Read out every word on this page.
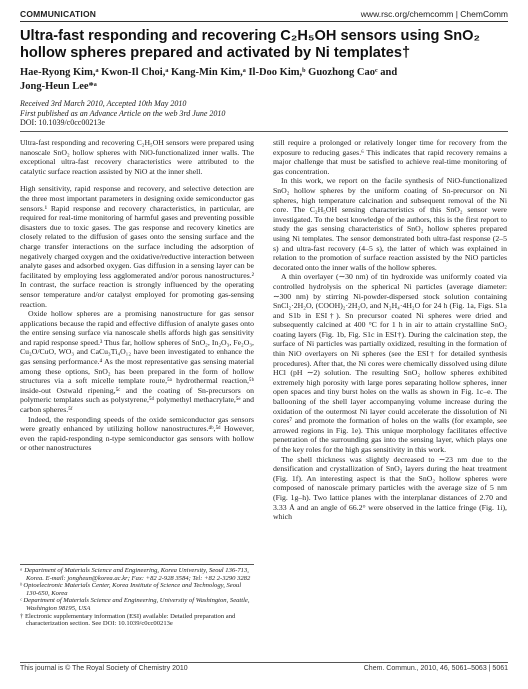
COMMUNICATION	www.rsc.org/chemcomm | ChemComm
Ultra-fast responding and recovering C₂H₅OH sensors using SnO₂ hollow spheres prepared and activated by Ni templates†
Hae-Ryong Kim,ᵃ Kwon-Il Choi,ᵃ Kang-Min Kim,ᵃ Il-Doo Kim,ᵇ Guozhong Caoᶜ and
Jong-Heun Lee*ᵃ
Received 3rd March 2010, Accepted 10th May 2010
First published as an Advance Article on the web 3rd June 2010
DOI: 10.1039/c0cc00213e

Ultra-fast responding and recovering C₂H₅OH sensors were prepared using nanoscale SnO₂ hollow spheres with NiO-functionalized inner walls. The exceptional ultra-fast recovery characteristics were attributed to the catalytic surface reaction assisted by NiO at the inner shell.

High sensitivity, rapid response and recovery, and selective detection are the three most important parameters in designing oxide semiconductor gas sensors.¹ Rapid response and recovery characteristics, in particular, are required for real-time monitoring of harmful gases and preventing possible disasters due to toxic gases. The gas response and recovery kinetics are closely related to the diffusion of gases onto the sensing surface and the charge transfer interactions on the surface including the adsorption of negatively charged oxygen and the oxidative/reductive interaction between analyte gases and adsorbed oxygen. Gas diffusion in a sensing layer can be facilitated by employing less agglomerated and/or porous nanostructures.² In contrast, the surface reaction is strongly influenced by the operating sensor temperature and/or catalyst employed for promoting gas-sensing reaction.

Oxide hollow spheres are a promising nanostructure for gas sensor applications because the rapid and effective diffusion of analyte gases onto the entire sensing surface via nanoscale shells affords high gas sensitivity and rapid response speed.³ Thus far, hollow spheres of SnO₂, In₂O₃, Fe₂O₃, Cu₂O/CuO, WO₃ and CaCu₃Ti₄O₁₂ have been investigated to enhance the gas sensing performance.⁴ As the most representative gas sensing material among these options, SnO₂ has been prepared in the form of hollow structures via a soft micelle template route,⁵ᵃ hydrothermal reaction,⁵ᵇ inside-out Ostwald ripening,⁵ᶜ and the coating of Sn-precursors on polymeric templates such as polystyrene,⁵ᵈ polymethyl methacrylate,⁵ᵉ and carbon spheres.⁵ᶠ

Indeed, the responding speeds of the oxide semiconductor gas sensors were greatly enhanced by utilizing hollow nanostructures.⁴ᵇ,⁵ᵈ However, even the rapid-responding n-type semiconductor gas sensors with hollow or other nanostructures

still require a prolonged or relatively longer time for recovery from the exposure to reducing gases.⁶ This indicates that rapid recovery remains a major challenge that must be satisfied to achieve real-time monitoring of gas concentration.

In this work, we report on the facile synthesis of NiO-functionalized SnO₂ hollow spheres by the uniform coating of Sn-precursor on Ni spheres, high temperature calcination and subsequent removal of the Ni core. The C₂H₅OH sensing characteristics of this SnO₂ sensor were investigated. To the best knowledge of the authors, this is the first report to study the gas sensing characteristics of SnO₂ hollow spheres prepared using Ni templates. The sensor demonstrated both ultra-fast response (2–5 s) and ultra-fast recovery (4–5 s), the latter of which was explained in relation to the promotion of surface reaction assisted by the NiO particles decorated onto the inner walls of the hollow spheres.

A thin overlayer (∼30 nm) of tin hydroxide was uniformly coated via controlled hydrolysis on the spherical Ni particles (average diameter: ∼300 nm) by stirring Ni-powder-dispersed stock solution containing SnCl₂·2H₂O, (COOH)₂·2H₂O, and N₂H₄·4H₂O for 24 h (Fig. 1a, Figs. S1a and S1b in ESI†). Sn precursor coated Ni spheres were dried and subsequently calcined at 400 °C for 1 h in air to attain crystalline SnO₂ coating layers (Fig. 1b, Fig. S1c in ESI†). During the calcination step, the surface of Ni particles was partially oxidized, resulting in the formation of thin NiO overlayers on Ni spheres (see the ESI† for detailed synthesis procedures). After that, the Ni cores were chemically dissolved using dilute HCl (pH ∼2) solution. The resulting SnO₂ hollow spheres exhibited extremely high porosity with large pores separating hollow spheres, inner open spaces and tiny burst holes on the walls as shown in Fig. 1c–e. The ballooning of the shell layer accompanying volume increase during the oxidation of the outermost Ni layer could accelerate the dissolution of Ni cores⁷ and promote the formation of holes on the walls (for example, see arrowed regions in Fig. 1e). This unique morphology facilitates effective penetration of the surrounding gas into the sensing layer, which plays one of the key roles for the high gas sensitivity in this work.

The shell thickness was slightly decreased to ∼23 nm due to the densification and crystallization of SnO₂ layers during the heat treatment (Fig. 1f). An interesting aspect is that the SnO₂ hollow spheres were composed of nanoscale primary particles with the average size of 5 nm (Fig. 1g–h). Two lattice planes with the interplanar distances of 2.70 and 3.33 Å and an angle of 66.2° were observed in the lattice fringe (Fig. 1i), which

ᵃ Department of Materials Science and Engineering, Korea University, Seoul 136-713, Korea. E-mail: jongheun@korea.ac.kr; Fax: +82 2-928 3584; Tel: +82 2-3290 3282

ᵇ Optoelectronic Materials Center, Korea Institute of Science and Technology, Seoul 130-650, Korea

ᶜ Department of Materials Science and Engineering, University of Washington, Seattle, Washington 98195, USA

† Electronic supplementary information (ESI) available: Detailed preparation and characterization section. See DOI: 10.1039/c0cc00213e

This journal is © The Royal Society of Chemistry 2010	Chem. Commun., 2010, 46, 5061–5063 | 5061
